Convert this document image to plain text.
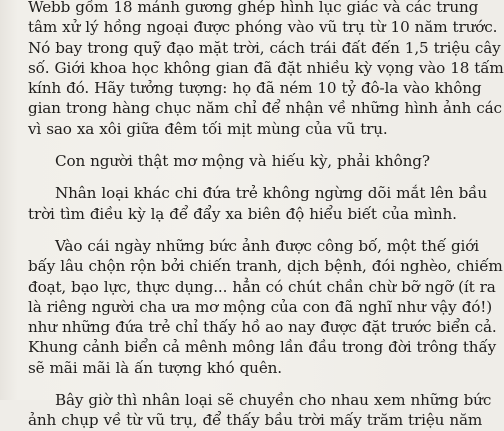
Webb gồm 18 mảnh gương ghép hình lục giác và các trung
tâm xử lý hồng ngoại được phóng vào vũ trụ từ 10 năm trước.
Nó bay trong quỹ đạo mặt trời, cách trái đất đến 1,5 triệu cây
số. Giới khoa học không gian đã đặt nhiều kỳ vọng vào 18 tấm
kính đó. Hãy tưởng tượng: họ đã ném 10 tỷ đô-la vào không
gian trong hàng chục năm chỉ để nhận về những hình ảnh các
vì sao xa xôi giữa đêm tối mịt mùng của vũ trụ.

Con người thật mơ mộng và hiếu kỳ, phải không?

Nhân loại khác chi đứa trẻ không ngừng dõi mắt lên bầu
trời tìm điều kỳ lạ để đẩy xa biên độ hiểu biết của mình.

Vào cái ngày những bức ảnh được công bố, một thế giới
bấy lâu chộn rộn bởi chiến tranh, dịch bệnh, đói nghèo, chiếm
đoạt, bạo lực, thực dụng... hẳn có chút chần chừ bỡ ngỡ (ít ra
là riêng người cha ưa mơ mộng của con đã nghĩ như vậy đó!)
như những đứa trẻ chỉ thấy hồ ao nay được đặt trước biển cả.
Khung cảnh biển cả mênh mông lần đầu trong đời trông thấy
sẽ mãi mãi là ấn tượng khó quên.

Bây giờ thì nhân loại sẽ chuyền cho nhau xem những bức
ảnh chụp về từ vũ trụ, để thấy bầu trời mấy trăm triệu năm
